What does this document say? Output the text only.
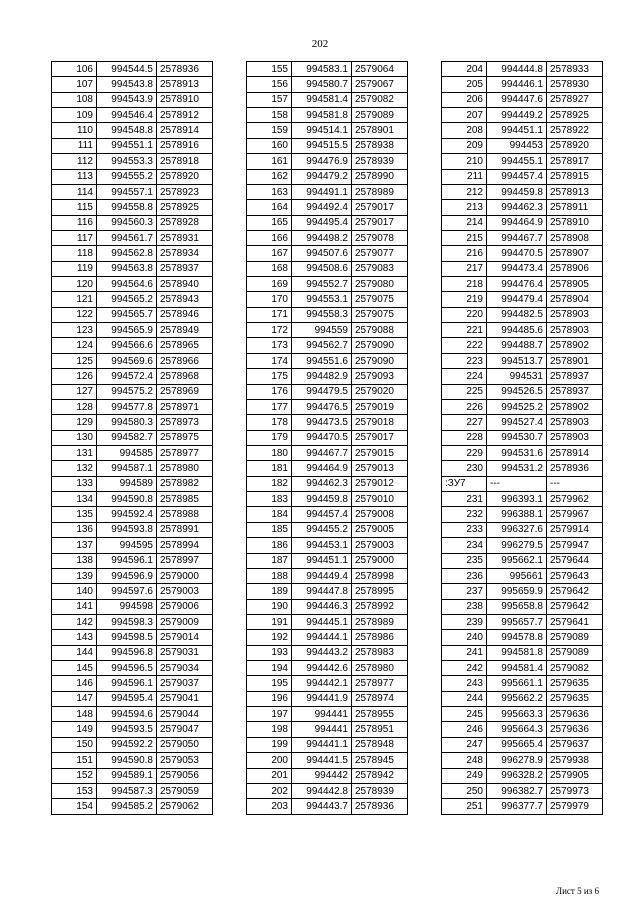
202
106	994544.5	2578936
107	994543.8	2578913
108	994543.9	2578910
109	994546.4	2578912
110	994548.8	2578914
111	994551.1	2578916
112	994553.3	2578918
113	994555.2	2578920
114	994557.1	2578923
115	994558.8	2578925
116	994560.3	2578928
117	994561.7	2578931
118	994562.8	2578934
119	994563.8	2578937
120	994564.6	2578940
121	994565.2	2578943
122	994565.7	2578946
123	994565.9	2578949
124	994566.6	2578965
125	994569.6	2578966
126	994572.4	2578968
127	994575.2	2578969
128	994577.8	2578971
129	994580.3	2578973
130	994582.7	2578975
131	994585	2578977
132	994587.1	2578980
133	994589	2578982
134	994590.8	2578985
135	994592.4	2578988
136	994593.8	2578991
137	994595	2578994
138	994596.1	2578997
139	994596.9	2579000
140	994597.6	2579003
141	994598	2579006
142	994598.3	2579009
143	994598.5	2579014
144	994596.8	2579031
145	994596.5	2579034
146	994596.1	2579037
147	994595.4	2579041
148	994594.6	2579044
149	994593.5	2579047
150	994592.2	2579050
151	994590.8	2579053
152	994589.1	2579056
153	994587.3	2579059
154	994585.2	2579062
155	994583.1	2579064
156	994580.7	2579067
157	994581.4	2579082
158	994581.8	2579089
159	994514.1	2578901
160	994515.5	2578938
161	994476.9	2578939
162	994479.2	2578990
163	994491.1	2578989
164	994492.4	2579017
165	994495.4	2579017
166	994498.2	2579078
167	994507.6	2579077
168	994508.6	2579083
169	994552.7	2579080
170	994553.1	2579075
171	994558.3	2579075
172	994559	2579088
173	994562.7	2579090
174	994551.6	2579090
175	994482.9	2579093
176	994479.5	2579020
177	994476.5	2579019
178	994473.5	2579018
179	994470.5	2579017
180	994467.7	2579015
181	994464.9	2579013
182	994462.3	2579012
183	994459.8	2579010
184	994457.4	2579008
185	994455.2	2579005
186	994453.1	2579003
187	994451.1	2579000
188	994449.4	2578998
189	994447.8	2578995
190	994446.3	2578992
191	994445.1	2578989
192	994444.1	2578986
193	994443.2	2578983
194	994442.6	2578980
195	994442.1	2578977
196	994441.9	2578974
197	994441	2578955
198	994441	2578951
199	994441.1	2578948
200	994441.5	2578945
201	994442	2578942
202	994442.8	2578939
203	994443.7	2578936
204	994444.8	2578933
205	994446.1	2578930
206	994447.6	2578927
207	994449.2	2578925
208	994451.1	2578922
209	994453	2578920
210	994455.1	2578917
211	994457.4	2578915
212	994459.8	2578913
213	994462.3	2578911
214	994464.9	2578910
215	994467.7	2578908
216	994470.5	2578907
217	994473.4	2578906
218	994476.4	2578905
219	994479.4	2578904
220	994482.5	2578903
221	994485.6	2578903
222	994488.7	2578902
223	994513.7	2578901
224	994531	2578937
225	994526.5	2578937
226	994525.2	2578902
227	994527.4	2578903
228	994530.7	2578903
229	994531.6	2578914
230	994531.2	2578936
:ЗУ7	---	---
231	996393.1	2579962
232	996388.1	2579967
233	996327.6	2579914
234	996279.5	2579947
235	995662.1	2579644
236	995661	2579643
237	995659.9	2579642
238	995658.8	2579642
239	995657.7	2579641
240	994578.8	2579089
241	994581.8	2579089
242	994581.4	2579082
243	995661.1	2579635
244	995662.2	2579635
245	995663.3	2579636
246	995664.3	2579636
247	995665.4	2579637
248	996278.9	2579938
249	996328.2	2579905
250	996382.7	2579973
251	996377.7	2579979
Лист 5 из 6
